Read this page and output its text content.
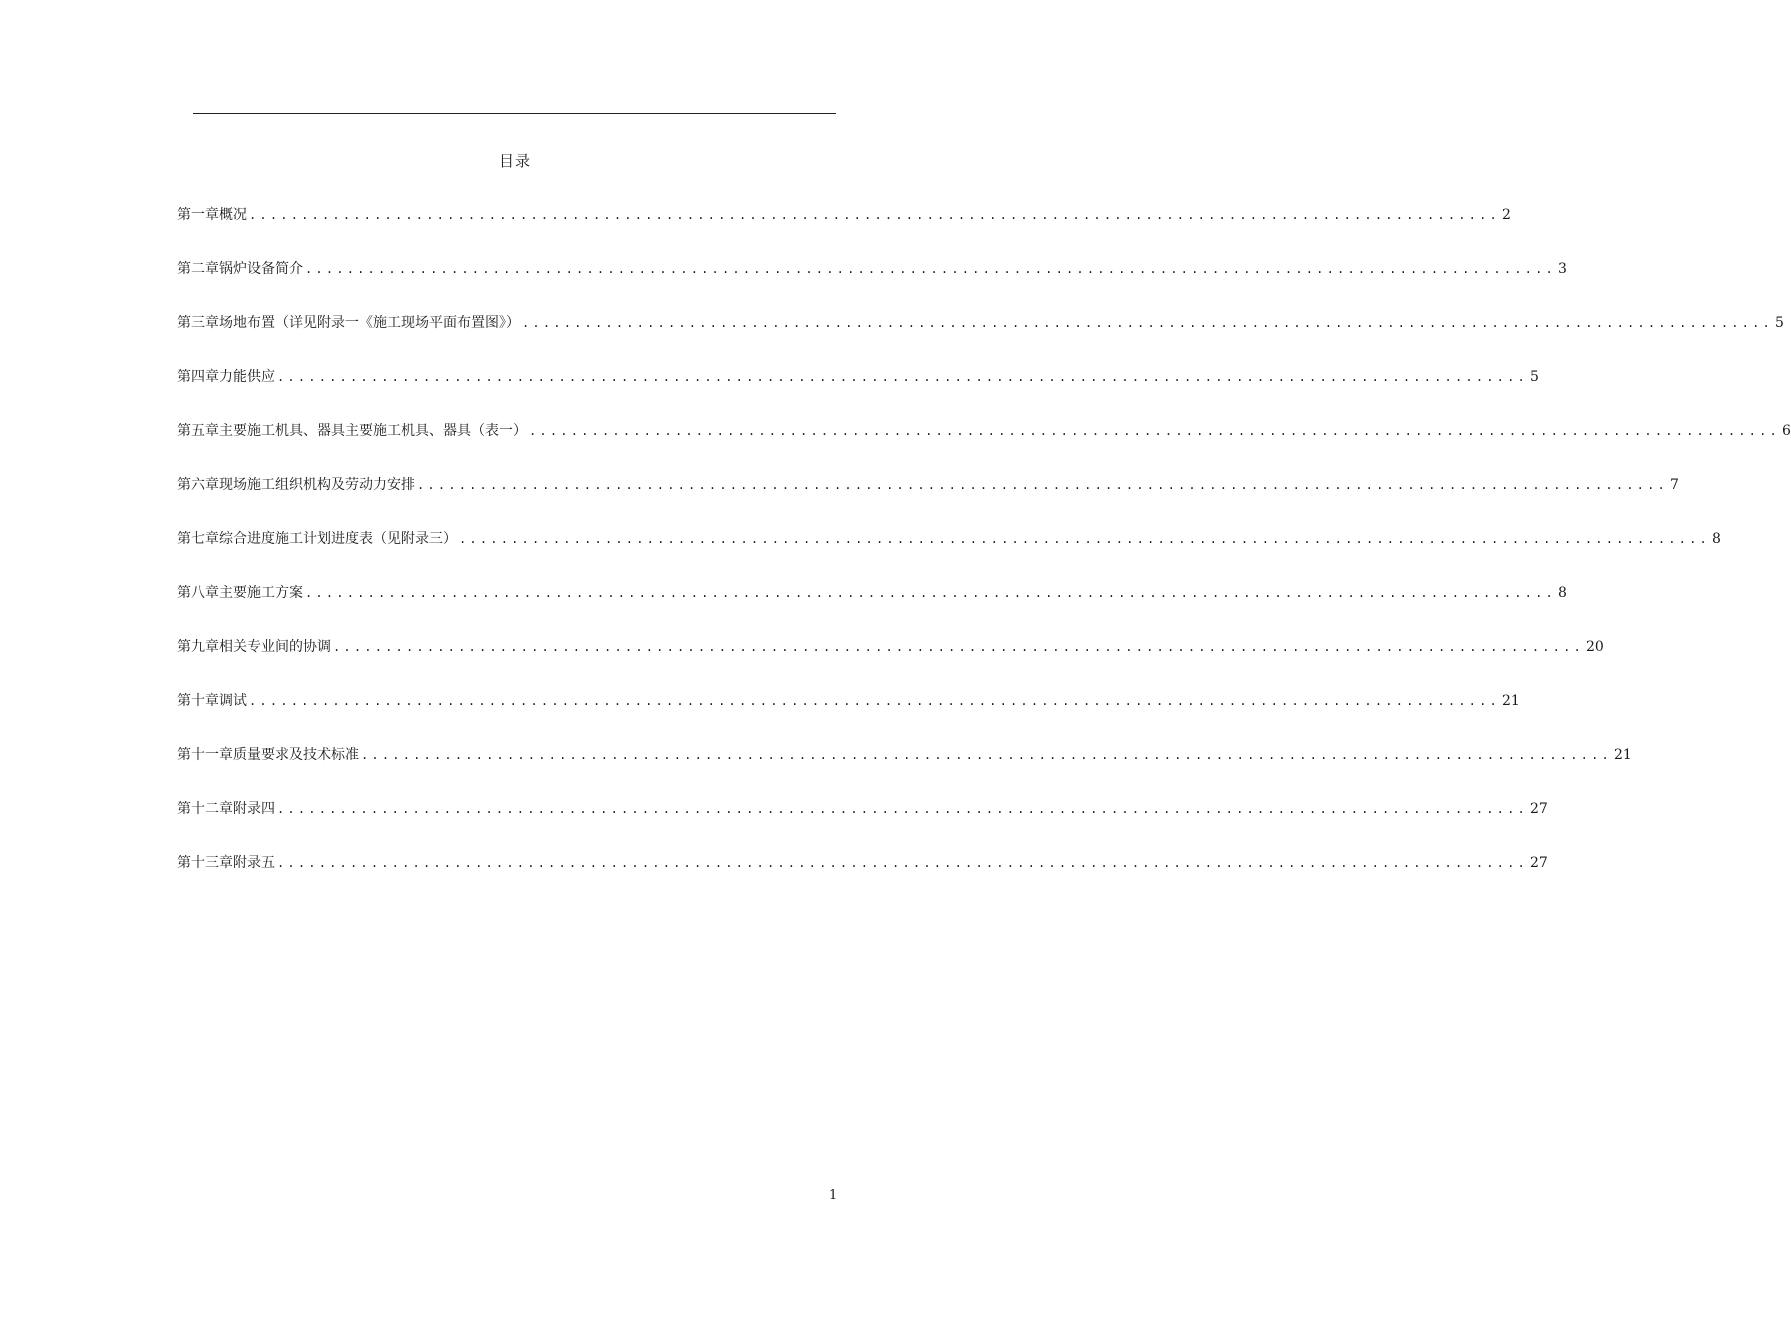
目录
第一章 概况 ........................................................................................................................ 2
第二章 锅炉设备简介 ........................................................................................................................ 3
第三章 场地布置（详见附录一《施工现场平面布置图》） ........................................................................................................................ 5
第四章 力能供应 ........................................................................................................................ 5
第五章 主要施工机具、器具主要施工机具、器具（表一） ........................................................................................................................ 6
第六章 现场施工组织机构及劳动力安排 ........................................................................................................................ 7
第七章 综合进度施工计划进度表（见附录三） ........................................................................................................................ 8
第八章 主要施工方案 ........................................................................................................................ 8
第九章 相关专业间的协调 ........................................................................................................................ 20
第十章 调试 ........................................................................................................................ 21
第十一章 质量要求及技术标准 ........................................................................................................................ 21
第十二章 附录四 ........................................................................................................................ 27
第十三章 附录五 ........................................................................................................................ 27
1
